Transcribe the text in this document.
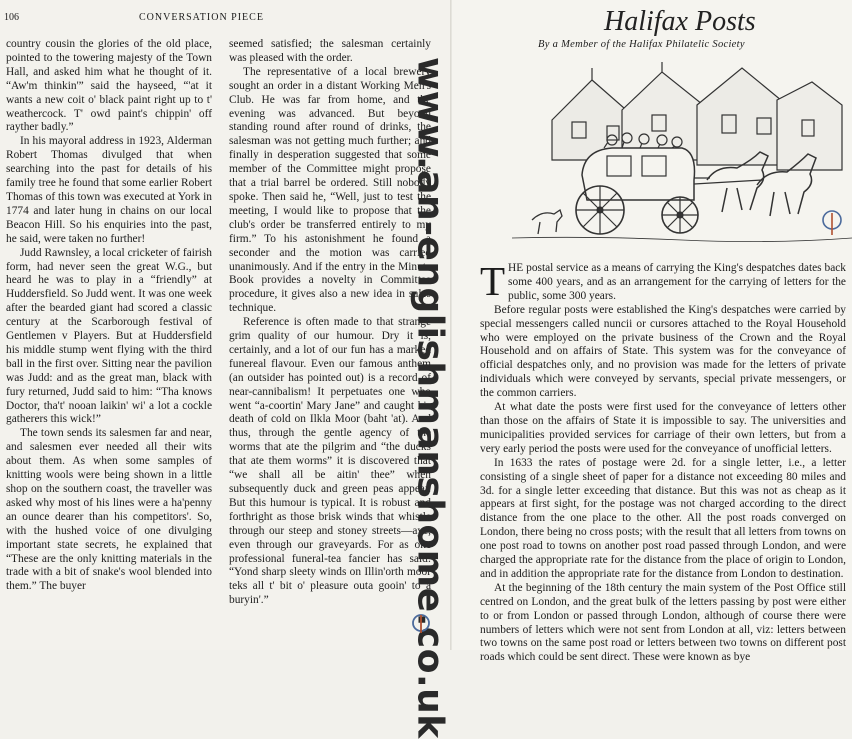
106	CONVERSATION PIECE

country cousin the glories of the old place, pointed to the towering majesty of the Town Hall, and asked him what he thought of it. “Aw'm thinkin'” said the hayseed, “'at it wants a new coit o' black paint right up to t' weathercock. T' owd paint's chippin' off rayther badly.”

In his mayoral address in 1923, Alderman Robert Thomas divulged that when searching into the past for details of his family tree he found that some earlier Robert Thomas of this town was executed at York in 1774 and later hung in chains on our local Beacon Hill. So his enquiries into the past, he said, were taken no further!

Judd Rawnsley, a local cricketer of fairish form, had never seen the great W.G., but heard he was to play in a “friendly” at Huddersfield. So Judd went. It was one week after the bearded giant had scored a classic century at the Scarborough festival of Gentlemen v Players. But at Huddersfield his middle stump went flying with the third ball in the first over. Sitting near the pavilion was Judd: and as the great man, black with fury returned, Judd said to him: “Tha knows Doctor, tha't' nooan laikin' wi' a lot a cockle gatherers this wick!”

The town sends its salesmen far and near, and salesmen ever needed all their wits about them. As when some samples of knitting wools were being shown in a little shop on the southern coast, the traveller was asked why most of his lines were a ha'penny an ounce dearer than his competitors'. So, with the hushed voice of one divulging important state secrets, he explained that “These are the only knitting materials in the trade with a bit of snake's wool blended into them.” The buyer

seemed satisfied; the salesman certainly was pleased with the order.

The representative of a local brewery sought an order in a distant Working Men's Club. He was far from home, and the evening was advanced. But beyond standing round after round of drinks, the salesman was not getting much further; and finally in desperation suggested that some member of the Committee might propose that a trial barrel be ordered. Still nobody spoke. Then said he, “Well, just to test the meeting, I would like to propose that the club's order be transferred entirely to my firm.” To his astonishment he found a seconder and the motion was carried unanimously. And if the entry in the Minute Book provides a novelty in Committee procedure, it gives also a new idea in sales technique.

Reference is often made to that strange grim quality of our humour. Dry it is, certainly, and a lot of our fun has a marked funereal flavour. Even our famous anthem (an outsider has pointed out) is a record of near-cannibalism! It perpetuates one who went “a-coortin' Mary Jane” and caught his death of cold on Ilkla Moor (baht 'at). And thus, through the gentle agency of the worms that ate the pilgrim and “the ducks that ate them worms” it is discovered that “we shall all be aitin' thee” when subsequently duck and green peas appear. But this humour is typical. It is robust and forthright as those brisk winds that whistle through our steep and stoney streets—aye, even through our graveyards. For as one professional funeral-tea fancier has said: “Yond sharp sleety winds on Illin'orth moor teks all t' bit o' pleasure outa gooin' to a buryin'.”

Halifax Posts
By a Member of the Halifax Philatelic Society

T HE postal service as a means of carrying the King's despatches dates back some 400 years, and as an arrangement for the carrying of letters for the public, some 300 years.

Before regular posts were established the King's despatches were carried by special messengers called nuncii or cursores attached to the Royal Household who were employed on the private business of the Crown and the Royal Household and on affairs of State. This system was for the conveyance of official despatches only, and no provision was made for the letters of private individuals which were conveyed by servants, special private messengers, or the common carriers.

At what date the posts were first used for the conveyance of letters other than those on the affairs of State it is impossible to say. The universities and municipalities provided services for carriage of their own letters, but from a very early period the posts were used for the conveyance of unofficial letters.

In 1633 the rates of postage were 2d. for a single letter, i.e., a letter consisting of a single sheet of paper for a distance not exceeding 80 miles and 3d. for a single letter exceeding that distance. But this was not as cheap as it appears at first sight, for the postage was not charged according to the direct distance from the one place to the other. All the post roads converged on London, there being no cross posts; with the result that all letters from towns on one post road to towns on another post road passed through London, and were charged the appropriate rate for the distance from the place of origin to London, and in addition the appropriate rate for the distance from London to destination.

At the beginning of the 18th century the main system of the Post Office still centred on London, and the great bulk of the letters passing by post were either to or from London or passed through London, although of course there were numbers of letters which were not sent from London at all, viz: letters between two towns on the same post road or letters between two towns on different post roads which could be sent direct. These were known as bye

www.an-englishmanshome.co.uk
